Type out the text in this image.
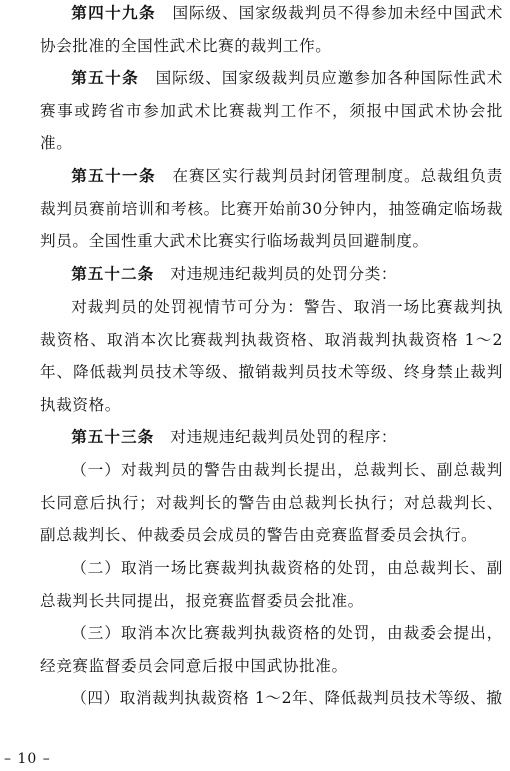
第四十九条　 国际级、国家级裁判员不得参加未经中国武术协会批准的全国性武术比赛的裁判工作。

第五十条　 国际级、国家级裁判员应邀参加各种国际性武术赛事或跨省市参加武术比赛裁判工作不，须报中国武术协会批准。

第五十一条　 在赛区实行裁判员封闭管理制度。总裁组负责裁判员赛前培训和考核。比赛开始前30分钟内，抽签确定临场裁判员。全国性重大武术比赛实行临场裁判员回避制度。

第五十二条　 对违规违纪裁判员的处罚分类：

对裁判员的处罚视情节可分为：警告、取消一场比赛裁判执裁资格、取消本次比赛裁判执裁资格、取消裁判执裁资格 1～2年、降低裁判员技术等级、撤销裁判员技术等级、终身禁止裁判执裁资格。

第五十三条　 对违规违纪裁判员处罚的程序：

（一）对裁判员的警告由裁判长提出，总裁判长、副总裁判长同意后执行；对裁判长的警告由总裁判长执行；对总裁判长、副总裁判长、仲裁委员会成员的警告由竞赛监督委员会执行。

（二）取消一场比赛裁判执裁资格的处罚，由总裁判长、副总裁判长共同提出，报竞赛监督委员会批准。

（三）取消本次比赛裁判执裁资格的处罚，由裁委会提出，经竞赛监督委员会同意后报中国武协批准。

（四）取消裁判执裁资格 1～2年、降低裁判员技术等级、撤

– 10 –
